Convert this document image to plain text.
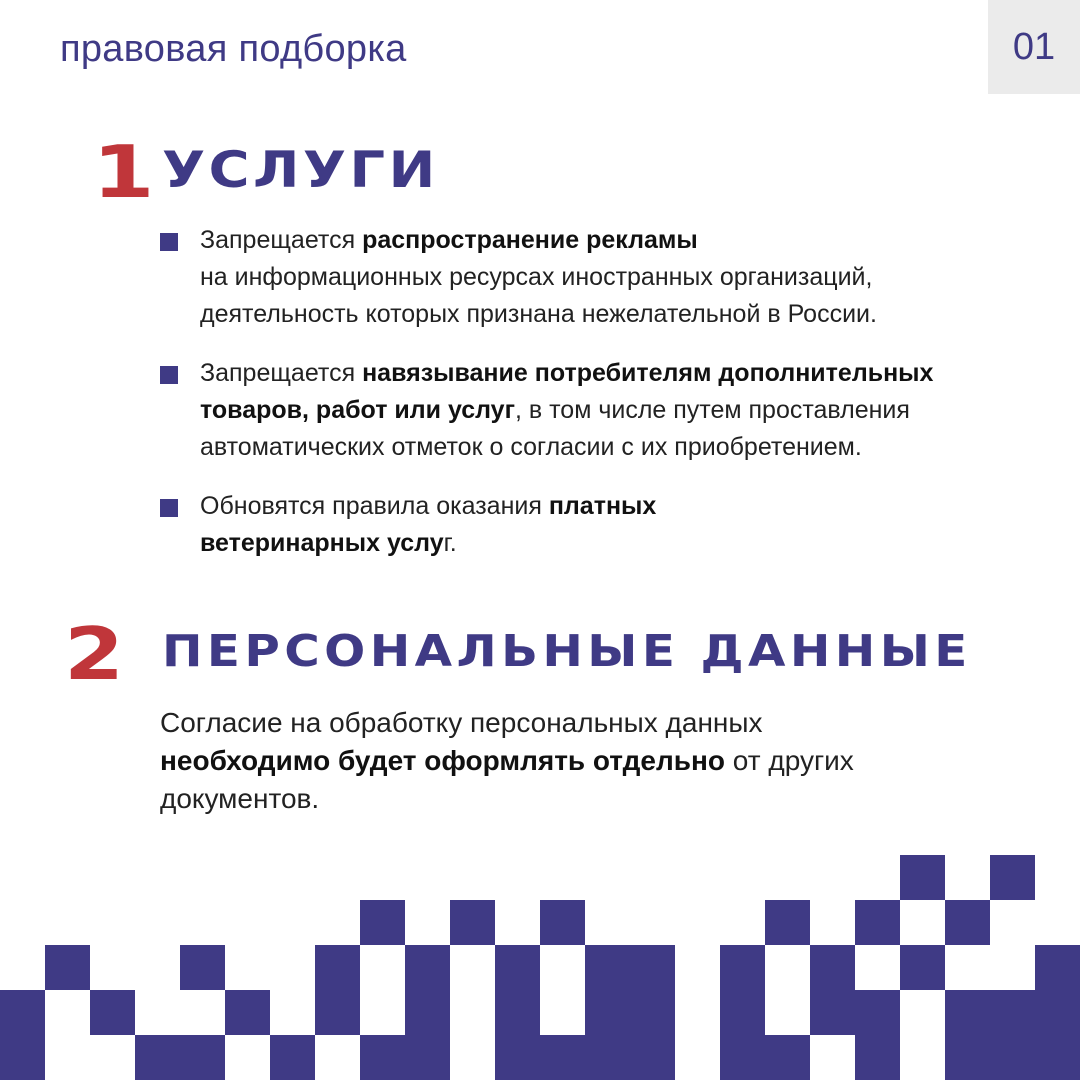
правовая подборка	01
1 УСЛУГИ
Запрещается распространение рекламы
на информационных ресурсах иностранных организаций,
деятельность которых признана нежелательной в России.
Запрещается навязывание потребителям дополнительных
товаров, работ или услуг, в том числе путем проставления
автоматических отметок о согласии с их приобретением.
Обновятся правила оказания платных
ветеринарных услуг.
2 ПЕРСОНАЛЬНЫЕ ДАННЫЕ
Согласие на обработку персональных данных
необходимо будет оформлять отдельно от других
документов.
